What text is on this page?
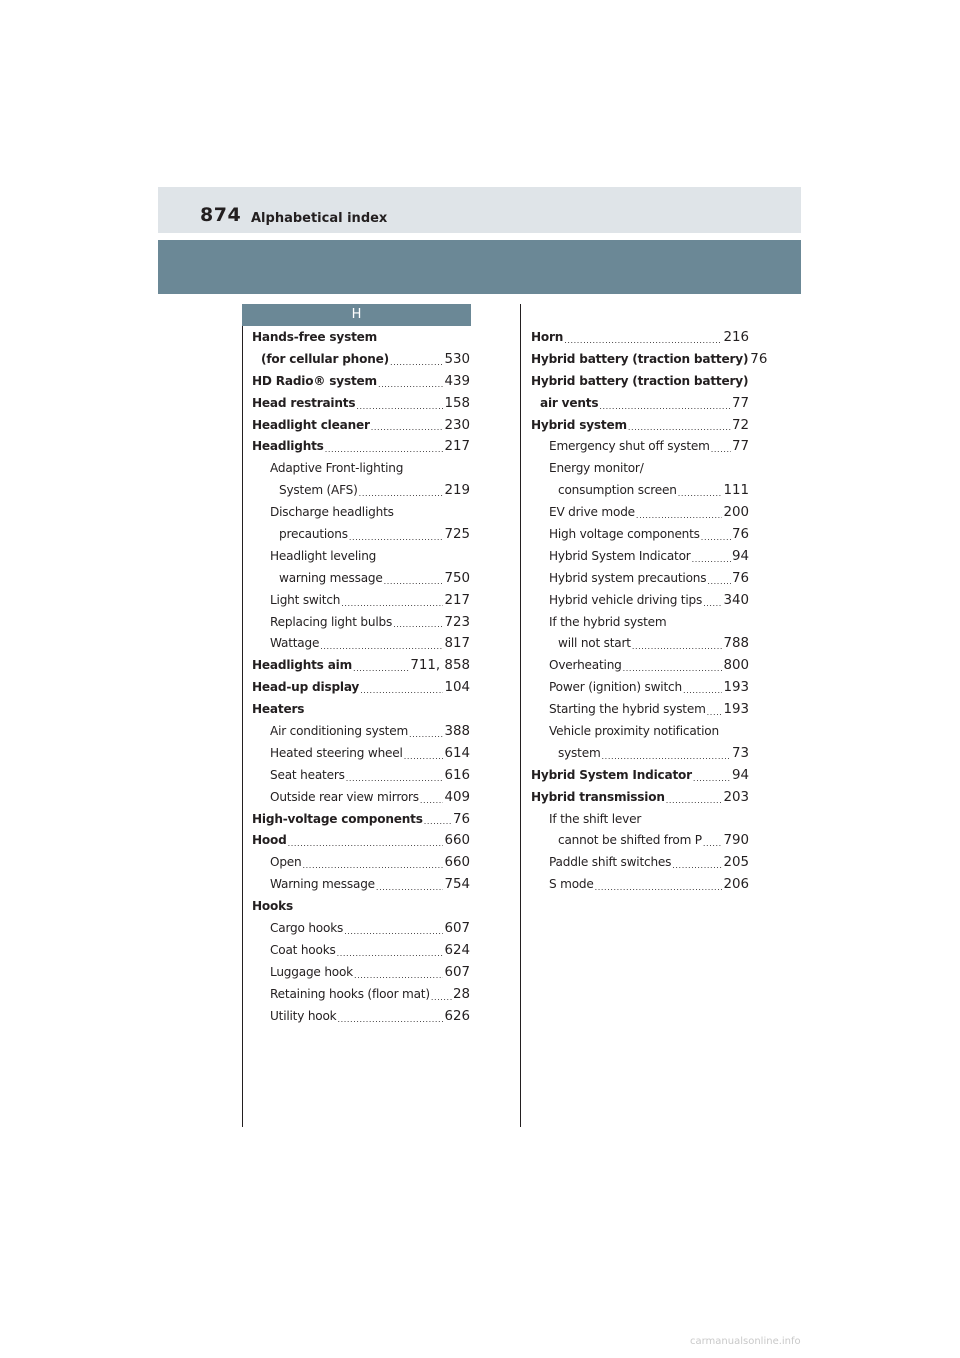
874 Alphabetical index
H
Hands-free system
(for cellular phone) .....	530
HD Radio® system .....	439
Head restraints .....	158
Headlight cleaner .....	230
Headlights .....	217
Adaptive Front-lighting
System (AFS) .....	219
Discharge headlights
precautions .....	725
Headlight leveling
warning message .....	750
Light switch .....	217
Replacing light bulbs .....	723
Wattage .....	817
Headlights aim .....	711, 858
Head-up display .....	104
Heaters
Air conditioning system .....	388
Heated steering wheel .....	614
Seat heaters .....	616
Outside rear view mirrors ..... 409
High-voltage components ..... 76
Hood .....	660
Open .....	660
Warning message .....	754
Hooks
Cargo hooks .....	607
Coat hooks .....	624
Luggage hook .....	607
Retaining hooks (floor mat) ..... 28
Utility hook .....	626
Horn .....	216
Hybrid battery (traction battery) 76
Hybrid battery (traction battery)
air vents .....	77
Hybrid system .....	72
Emergency shut off system ..... 77
Energy monitor/
consumption screen .....	111
EV drive mode .....	200
High voltage components ..... 76
Hybrid System Indicator .....	94
Hybrid system precautions ..... 76
Hybrid vehicle driving tips ..... 340
If the hybrid system
will not start .....	788
Overheating .....	800
Power (ignition) switch .....	193
Starting the hybrid system ..... 193
Vehicle proximity notification
system .....	73
Hybrid System Indicator .....	94
Hybrid transmission .....	203
If the shift lever
cannot be shifted from P ..... 790
Paddle shift switches .....	205
S mode .....	206
carmanualsonline.info
